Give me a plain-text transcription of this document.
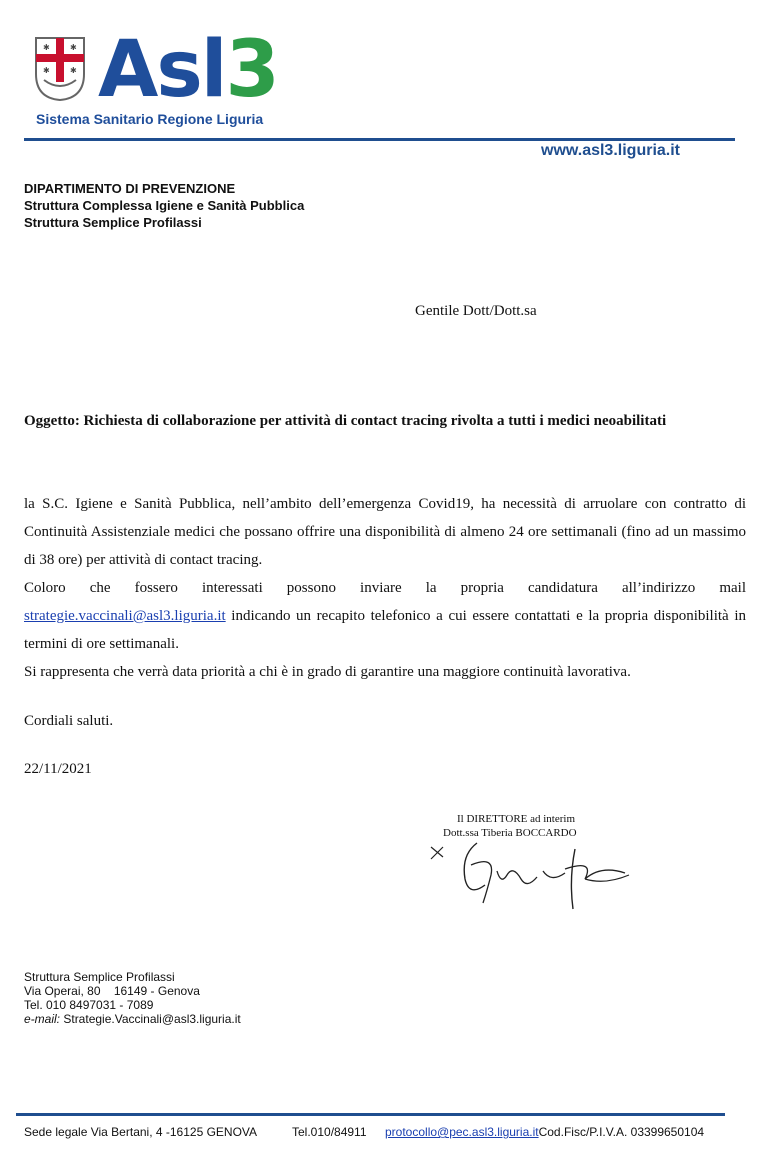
✱	✱
✱	✱ Asl3
Sistema Sanitario Regione Liguria
www.asl3.liguria.it
DIPARTIMENTO DI PREVENZIONE
Struttura Complessa Igiene e Sanità Pubblica
Struttura Semplice Profilassi
Gentile Dott/Dott.sa
Oggetto: Richiesta di collaborazione per attività di contact tracing rivolta a tutti i medici neoabilitati

la S.C. Igiene e Sanità Pubblica, nell’ambito dell’emergenza Covid19, ha necessità di arruolare con contratto di Continuità Assistenziale medici che possano offrire una disponibilità di almeno 24 ore settimanali (fino ad un massimo di 38 ore) per attività di contact tracing.

Coloro che fossero interessati possono inviare la propria candidatura all’indirizzo mail

strategie.vaccinali@asl3.liguria.it indicando un recapito telefonico a cui essere contattati e la propria disponibilità in termini di ore settimanali.

Si rappresenta che verrà data priorità a chi è in grado di garantire una maggiore continuità lavorativa.

Cordiali saluti.
22/11/2021
Il DIRETTORE ad interim
Dott.ssa Tiberia BOCCARDO
Struttura Semplice Profilassi
Via Operai, 80    16149 - Genova
Tel. 010 8497031 - 7089
e-mail: Strategie.Vaccinali@asl3.liguria.it
Sede legale Via Bertani, 4 -16125 GENOVA	Tel.010/84911 protocollo@pec.asl3.liguria.itCod.Fisc/P.I.V.A. 03399650104
